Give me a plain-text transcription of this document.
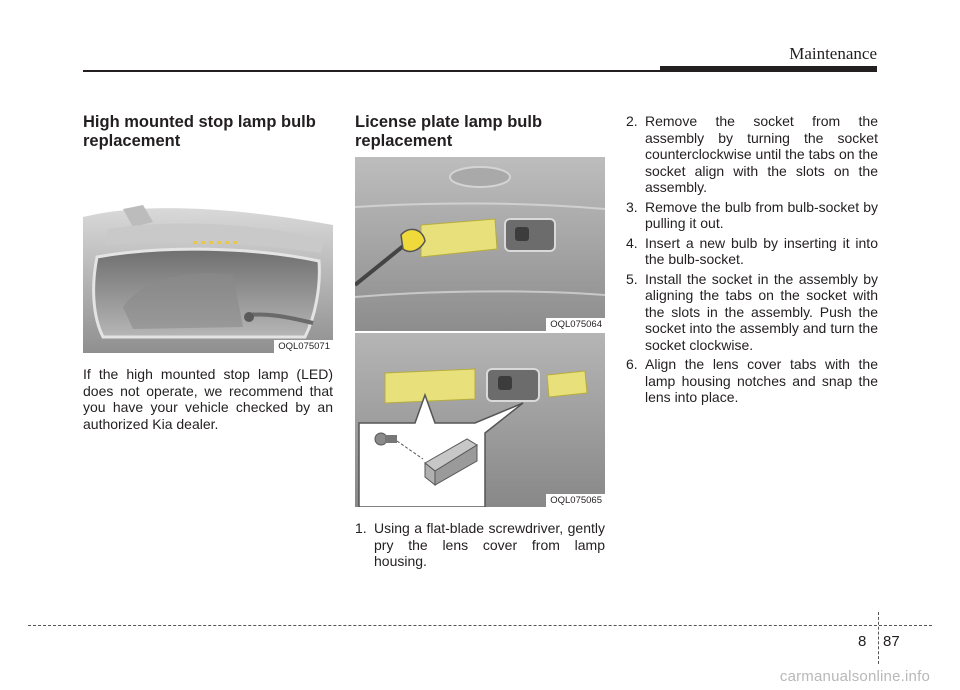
Maintenance
High mounted stop lamp bulb replacement
OQL075071
If the high mounted stop lamp (LED) does not operate, we recommend that you have your vehicle checked by an authorized Kia dealer.
License plate lamp bulb replacement
OQL075064
OQL075065
1. Using a flat-blade screwdriver, gently pry the lens cover from lamp housing.
2. Remove the socket from the assembly by turning the socket counterclockwise until the tabs on the socket align with the slots on the assembly.
3. Remove the bulb from bulb-socket by pulling it out.
4. Insert a new bulb by inserting it into the bulb-socket.
5. Install the socket in the assembly by aligning the tabs on the socket with the slots in the assembly. Push the socket into the assembly and turn the socket clockwise.
6. Align the lens cover tabs with the lamp housing notches and snap the lens into place.
8 87
carmanualsonline.info
